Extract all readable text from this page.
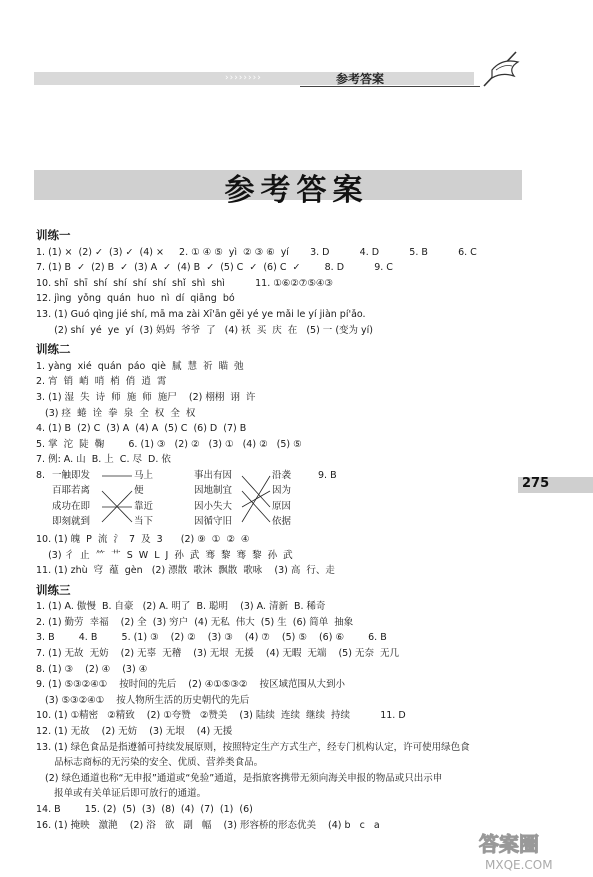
››››››››	参考答案
参考答案
275
训练一
1. (1) ×  (2) ✓  (3) ✓  (4) ×     2. ① ④ ⑤  yì  ② ③ ⑥  yí       3. D          4. D          5. B          6. C
7. (1) B  ✓  (2) B  ✓  (3) A  ✓  (4) B  ✓  (5) C  ✓  (6) C  ✓        8. D          9. C
10. shī  shī  shí  shí  shí  shí  shǐ  shì  shì          11. ①⑥②⑦⑤④③
12. jìng  yǒng  quán  huo  nì  dí  qiāng  bó
13. (1) Guó qìng jié shí, mā ma zài Xī'ān gěi yé ye mǎi le yí jiàn pí'ǎo.
(2) shí  yé  ye  yí  (3) 妈妈  爷爷  了   (4) 袄  买  庆  在   (5) 一 (变为 yí)
训练二
1. yàng  xié  quán  páo  qiè  腻  慧  祈  瞄  弛
2. 宵  销  峭  哨  梢  俏  逍  霄
3. (1) 湿  失  诗  师  施  师  施尸    (2) 栩栩  诩  许
(3) 痉  蜷  诠  拳  泉  全  权  全  权
4. (1) B  (2) C  (3) A  (4) A  (5) C  (6) D  (7) B
5. 掌  沱  陡  鞠        6. (1) ③   (2) ②   (3) ①   (4) ②   (5) ⑤
7. 例: A. 山  B. 上  C. 尽  D. 依
8. 一触即发
百耶若离
成功在即
即刻就到
马上
便
靠近
当下
事出有因
因地制宜
因小失大
因循守旧
沿袭
因为
原因
依据
9. B
10. (1) 魄  P  流  氵  7  及  3      (2) ⑨  ①  ②  ④
(3) 彳  止  ⺮  艹  S  W  L  J  孙  武  骞  黎  骞  黎  孙  武
11. (1) zhù  穹  蕴  gèn   (2) 漂散  歌沐  飘散  歌咏    (3) 高  行、走
训练三
1. (1) A. 傲慢  B. 自豪   (2) A. 明了  B. 聪明    (3) A. 清新  B. 稀奇
2. (1) 勤劳  幸福    (2) 全  (3) 穷户  (4) 无私  伟大  (5) 生  (6) 简单  抽象
3. B        4. B        5. (1) ③    (2) ②    (3) ③    (4) ⑦    (5) ⑤    (6) ⑥        6. B
7. (1) 无故  无妨    (2) 无辜  无稽    (3) 无垠  无援    (4) 无暇  无端    (5) 无奈  无几
8. (1) ③    (2) ④    (3) ④
9. (1) ⑤③②④①    按时间的先后    (2) ④①⑤③②    按区域范围从大到小
(3) ⑤③②④①    按人物所生活的历史朝代的先后
10. (1) ①精密   ②精致    (2) ①夸赞   ②赞美    (3) 陆续  连续  继续  持续          11. D
12. (1) 无故    (2) 无妨    (3) 无垠    (4) 无援
13. (1) 绿色食品是指遵循可持续发展原则，按照特定生产方式生产，经专门机构认定，许可使用绿色食
品标志商标的无污染的安全、优质、营养类食品。
(2) 绿色通道也称“无申报”通道或“免验”通道，是指旅客携带无须向海关申报的物品或只出示申
报单或有关单证后即可放行的通道。
14. B        15. (2)  (5)  (3)  (8)  (4)  (7)  (1)  (6)
16. (1) 掩映   激滟    (2) 浴   欲   副   幅    (3) 形容桥的形态优美    (4) b   c   a
答案圈
MXQE.COM
